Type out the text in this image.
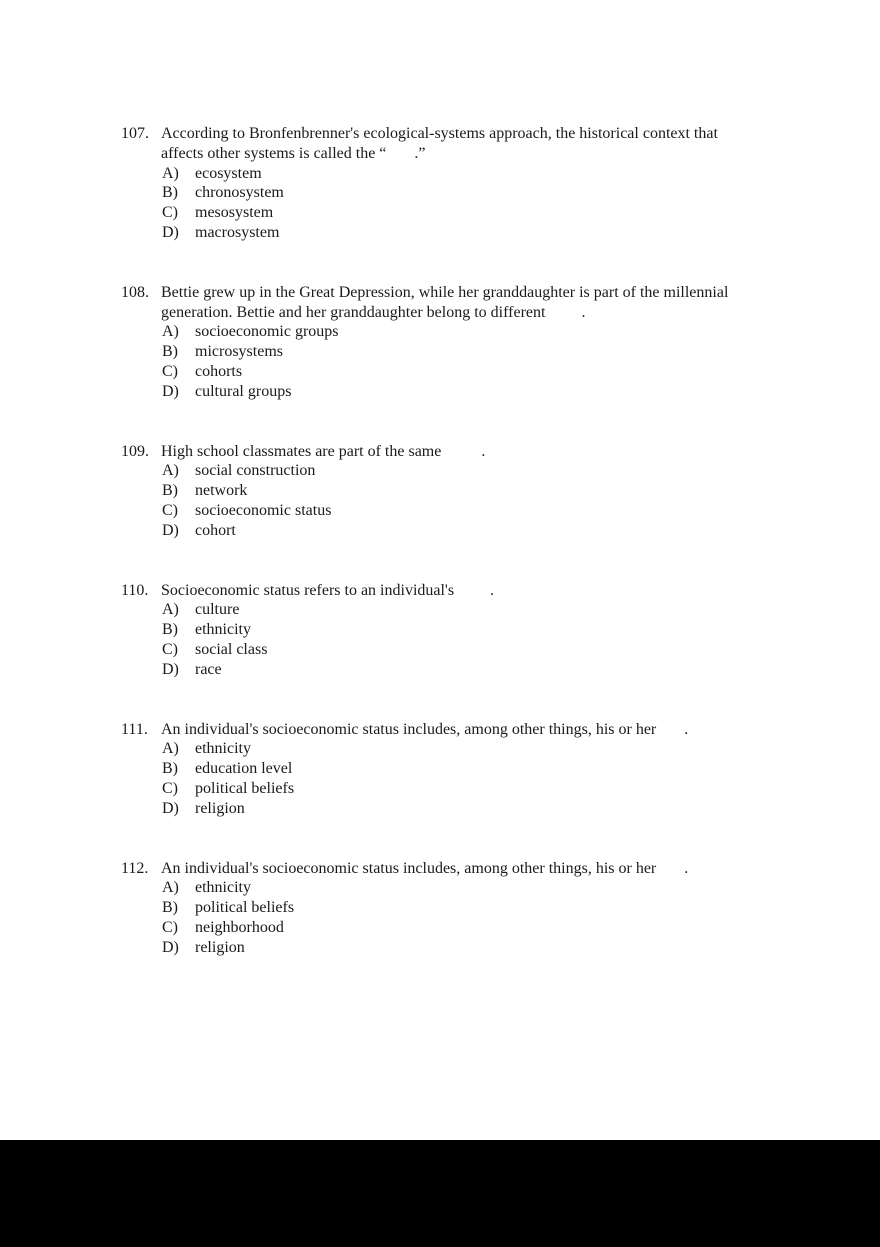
107. According to Bronfenbrenner's ecological-systems approach, the historical context that
affects other systems is called the “       .”
A)	ecosystem
B)	chronosystem
C)	mesosystem
D)	macrosystem
108. Bettie grew up in the Great Depression, while her granddaughter is part of the millennial
generation. Bettie and her granddaughter belong to different         .
A)	socioeconomic groups
B)	microsystems
C)	cohorts
D)	cultural groups
109. High school classmates are part of the same          .
A)	social construction
B)	network
C)	socioeconomic status
D)	cohort
110. Socioeconomic status refers to an individual's         .
A)	culture
B)	ethnicity
C)	social class
D)	race
111. An individual's socioeconomic status includes, among other things, his or her       .
A)	ethnicity
B)	education level
C)	political beliefs
D)	religion
112. An individual's socioeconomic status includes, among other things, his or her       .
A)	ethnicity
B)	political beliefs
C)	neighborhood
D)	religion
